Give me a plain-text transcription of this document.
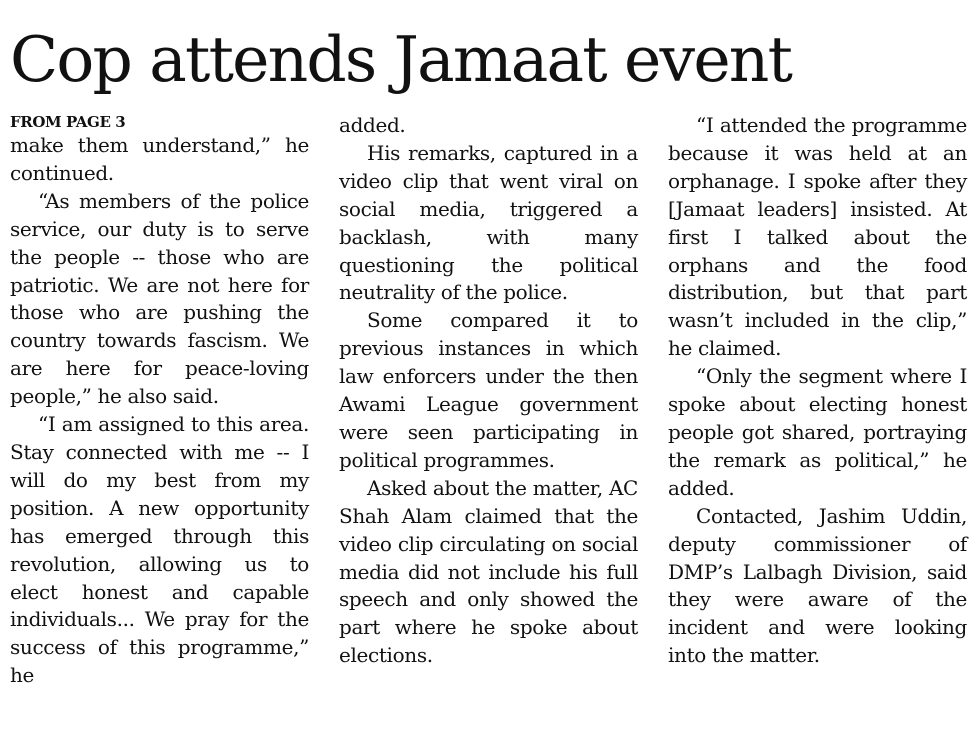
Cop attends Jamaat event

FROM PAGE 3

make them understand,” he continued.

“As members of the police service, our duty is to serve the people -- those who are patriotic. We are not here for those who are pushing the country towards fascism. We are here for peace-loving people,” he also said.

“I am assigned to this area. Stay connected with me -- I will do my best from my position. A new opportunity has emerged through this revolution, allowing us to elect honest and capable individuals... We pray for the success of this programme,” he

added.

His remarks, captured in a video clip that went viral on social media, triggered a backlash, with many questioning the political neutrality of the police.

Some compared it to previous instances in which law enforcers under the then Awami League government were seen participating in political programmes.

Asked about the matter, AC Shah Alam claimed that the video clip circulating on social media did not include his full speech and only showed the part where he spoke about elections.

“I attended the programme because it was held at an orphanage. I spoke after they [Jamaat leaders] insisted. At first I talked about the orphans and the food distribution, but that part wasn’t included in the clip,” he claimed.

“Only the segment where I spoke about electing honest people got shared, portraying the remark as political,” he added.

Contacted, Jashim Uddin, deputy commissioner of DMP’s Lalbagh Division, said they were aware of the incident and were looking into the matter.
